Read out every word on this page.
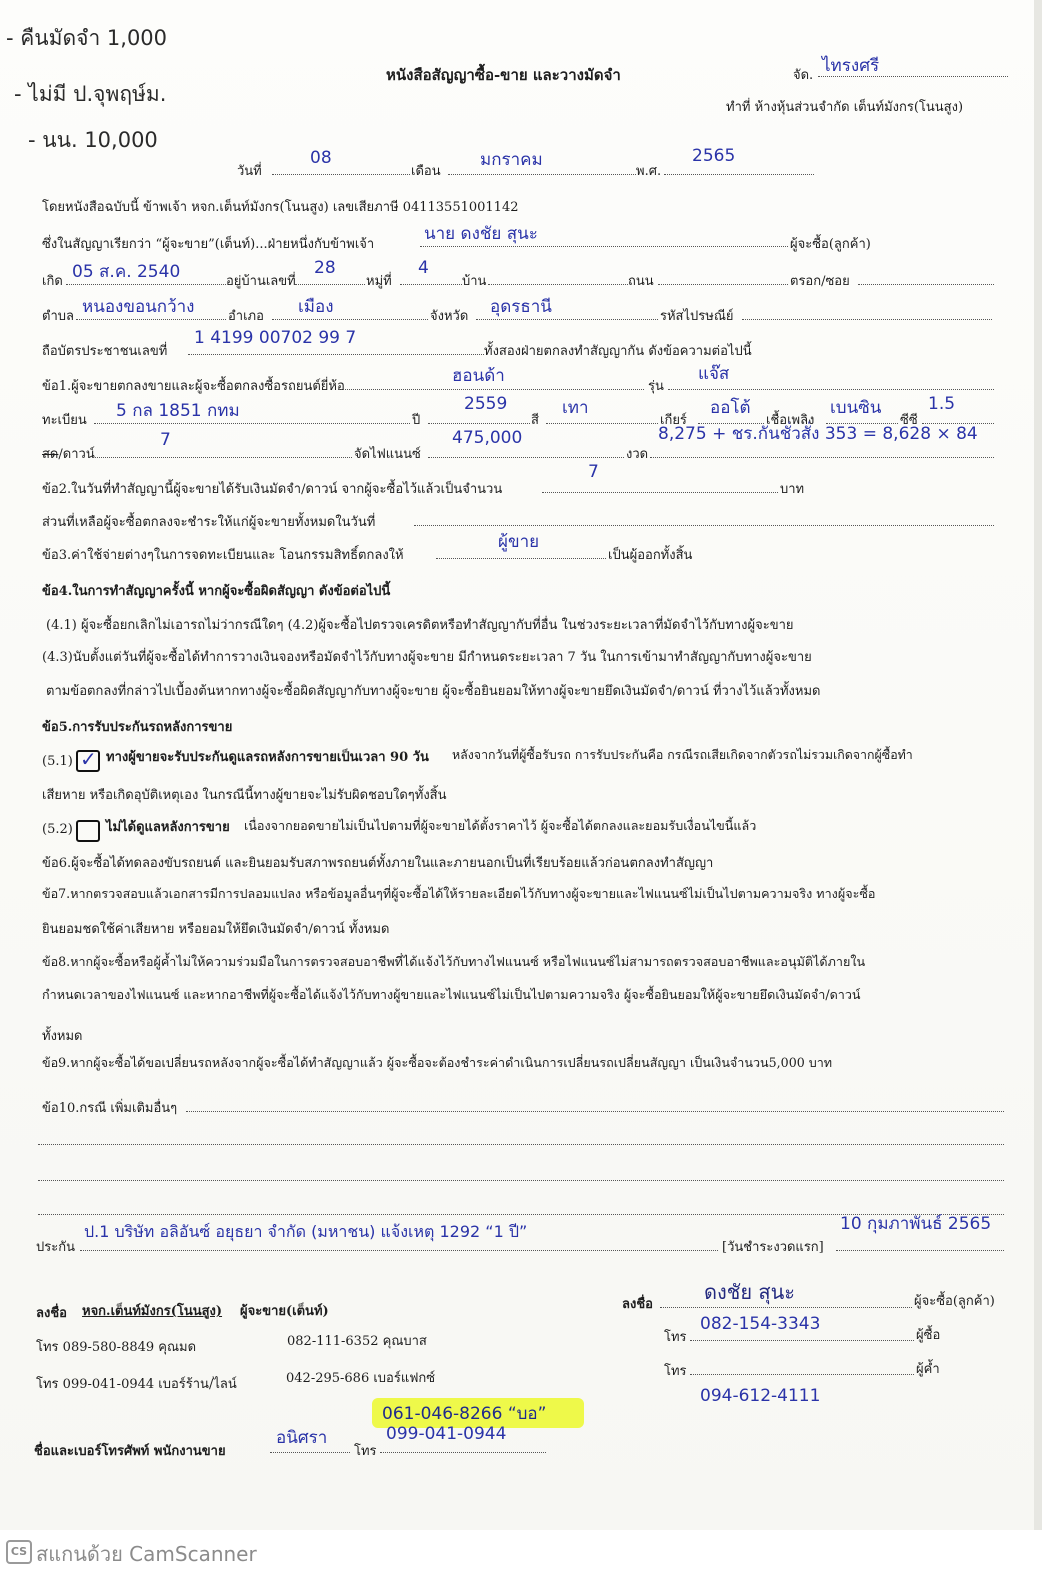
- คืนมัดจำ 1,000
- ไม่มี ป.จุพฤษ์ม.
- นน. 10,000
หนังสือสัญญาซื้อ-ขาย และวางมัดจำ	จัด. ไทรงศรี
ทำที่ ห้างหุ้นส่วนจำกัด เต็นท์มังกร(โนนสูง)
วันที่
08
เดือน
มกราคม
พ.ศ.
2565
โดยหนังสือฉบับนี้ ข้าพเจ้า หจก.เต็นท์มังกร(โนนสูง) เลขเสียภาษี 04113551001142
ซึ่งในสัญญาเรียกว่า “ผู้จะขาย”(เต็นท์)...ฝ่ายหนึ่งกับข้าพเจ้า
นาย ดงชัย สุนะ
ผู้จะซื้อ(ลูกค้า)
เกิด 05 ส.ค. 2540	อยู่บ้านเลขที่
28
หมู่ที่
4
บ้าน	ถนน	ตรอก/ซอย
ตำบล หนองขอนกว้าง	อำเภอ เมือง	จังหวัด อุดรธานี	รหัสไปรษณีย์
ถือบัตรประชาชนเลขที่
1 4199 00702 99 7
ทั้งสองฝ่ายตกลงทำสัญญากัน ดังข้อความต่อไปนี้
ข้อ1.ผู้จะขายตกลงขายและผู้จะซื้อตกลงซื้อรถยนต์ยี่ห้อ
ฮอนด้า
รุ่น
แจ๊ส
ทะเบียน 5 กล 1851 กทม	ปี
2559
สี
เทา
เกียร์
ออโต้
เชื้อเพลิง
เบนซิน
ซีซี
1.5
สด/ดาวน์
7
จัดไฟแนนซ์
475,000
งวด
8,275 + ชร.กันชั่วสั่ง 353 = 8,628 × 84
ข้อ2.ในวันที่ทำสัญญานี้ผู้จะขายได้รับเงินมัดจำ/ดาวน์ จากผู้จะซื้อไว้แล้วเป็นจำนวน
7
บาท
ส่วนที่เหลือผู้จะซื้อตกลงจะชำระให้แก่ผู้จะขายทั้งหมดในวันที่
ข้อ3.ค่าใช้จ่ายต่างๆในการจดทะเบียนและ โอนกรรมสิทธิ์ตกลงให้
ผู้ขาย
เป็นผู้ออกทั้งสิ้น
ข้อ4.ในการทำสัญญาครั้งนี้ หากผู้จะซื้อผิดสัญญา ดังข้อต่อไปนี้
(4.1) ผู้จะซื้อยกเลิกไม่เอารถไม่ว่ากรณีใดๆ (4.2)ผู้จะซื้อไปตรวจเครดิตหรือทำสัญญากับที่อื่น ในช่วงระยะเวลาที่มัดจำไว้กับทางผู้จะขาย
(4.3)นับตั้งแต่วันที่ผู้จะซื้อได้ทำการวางเงินจองหรือมัดจำไว้กับทางผู้จะขาย มีกำหนดระยะเวลา 7 วัน ในการเข้ามาทำสัญญากับทางผู้จะขาย
ตามข้อตกลงที่กล่าวไปเบื้องต้นหากทางผู้จะซื้อผิดสัญญากับทางผู้จะขาย ผู้จะซื้อยินยอมให้ทางผู้จะขายยึดเงินมัดจำ/ดาวน์ ที่วางไว้แล้วทั้งหมด
ข้อ5.การรับประกันรถหลังการขาย
(5.1) ✓ ทางผู้ขายจะรับประกันดูแลรถหลังการขายเป็นเวลา 90 วัน หลังจากวันที่ผู้ซื้อรับรถ การรับประกันคือ กรณีรถเสียเกิดจากตัวรถไม่รวมเกิดจากผู้ซื้อทำ
เสียหาย หรือเกิดอุบัติเหตุเอง ในกรณีนี้ทางผู้ขายจะไม่รับผิดชอบใดๆทั้งสิ้น
(5.2)	ไม่ได้ดูแลหลังการขาย เนื่องจากยอดขายไม่เป็นไปตามที่ผู้จะขายได้ตั้งราคาไว้ ผู้จะซื้อได้ตกลงและยอมรับเงื่อนไขนี้แล้ว
ข้อ6.ผู้จะซื้อได้ทดลองขับรถยนต์ และยินยอมรับสภาพรถยนต์ทั้งภายในและภายนอกเป็นที่เรียบร้อยแล้วก่อนตกลงทำสัญญา
ข้อ7.หากตรวจสอบแล้วเอกสารมีการปลอมแปลง หรือข้อมูลอื่นๆที่ผู้จะซื้อได้ให้รายละเอียดไว้กับทางผู้จะขายและไฟแนนซ์ไม่เป็นไปตามความจริง ทางผู้จะซื้อ
ยินยอมชดใช้ค่าเสียหาย หรือยอมให้ยึดเงินมัดจำ/ดาวน์ ทั้งหมด
ข้อ8.หากผู้จะซื้อหรือผู้ค้ำไม่ให้ความร่วมมือในการตรวจสอบอาชีพที่ได้แจ้งไว้กับทางไฟแนนซ์ หรือไฟแนนซ์ไม่สามารถตรวจสอบอาชีพและอนุมัติได้ภายใน
กำหนดเวลาของไฟแนนซ์ และหากอาชีพที่ผู้จะซื้อได้แจ้งไว้กับทางผู้ขายและไฟแนนซ์ไม่เป็นไปตามความจริง ผู้จะซื้อยินยอมให้ผู้จะขายยึดเงินมัดจำ/ดาวน์
ทั้งหมด
ข้อ9.หากผู้จะซื้อได้ขอเปลี่ยนรถหลังจากผู้จะซื้อได้ทำสัญญาแล้ว ผู้จะซื้อจะต้องชำระค่าดำเนินการเปลี่ยนรถเปลี่ยนสัญญา เป็นเงินจำนวน5,000 บาท
ข้อ10.กรณี เพิ่มเติมอื่นๆ
ประกัน
ป.1 บริษัท อลิอันซ์ อยุธยา จำกัด (มหาชน) แจ้งเหตุ 1292 “1 ปี”
[วันชำระงวดแรก]
10 กุมภาพันธ์ 2565
ลงชื่อ หจก.เต็นท์มังกร(โนนสูง) ผู้จะขาย(เต็นท์)
โทร 089-580-8849 คุณมด	082-111-6352 คุณบาส
โทร 099-041-0944 เบอร์ร้าน/ไลน์	042-295-686 เบอร์แฟกซ์
ลงชื่อ
ดงชัย สุนะ	ผู้จะซื้อ(ลูกค้า)
โทร
082-154-3343
ผู้ซื้อ
โทร	ผู้ค้ำ
094-612-4111
061-046-8266 “บอ”
ชื่อและเบอร์โทรศัพท์ พนักงานขาย
อนิศรา
โทร
099-041-0944
CS สแกนด้วย CamScanner
